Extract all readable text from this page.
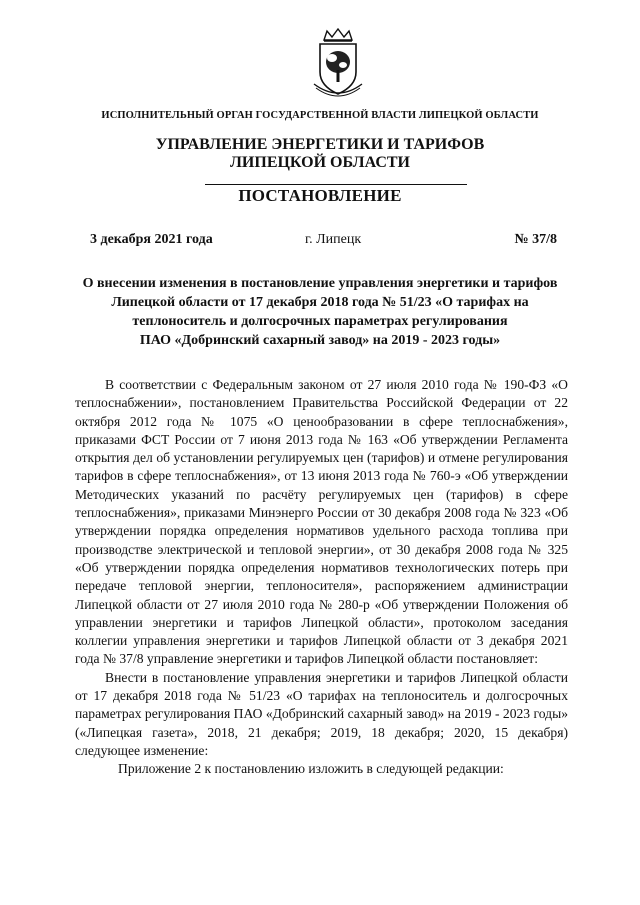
ИСПОЛНИТЕЛЬНЫЙ ОРГАН ГОСУДАРСТВЕННОЙ ВЛАСТИ ЛИПЕЦКОЙ ОБЛАСТИ
УПРАВЛЕНИЕ ЭНЕРГЕТИКИ И ТАРИФОВ
ЛИПЕЦКОЙ ОБЛАСТИ
ПОСТАНОВЛЕНИЕ
3 декабря 2021 года	г. Липецк	№ 37/8
О внесении изменения в постановление управления энергетики и тарифов
Липецкой области от 17 декабря 2018 года № 51/23 «О тарифах на
теплоноситель и долгосрочных параметрах регулирования
ПАО «Добринский сахарный завод» на 2019 - 2023 годы»

В соответствии с Федеральным законом от 27 июля 2010 года № 190-ФЗ «О теплоснабжении», постановлением Правительства Российской Федерации от 22 октября 2012 года № 1075 «О ценообразовании в сфере теплоснабжения», приказами ФСТ России от 7 июня 2013 года № 163 «Об утверждении Регламента открытия дел об установлении регулируемых цен (тарифов) и отмене регулирования тарифов в сфере теплоснабжения», от 13 июня 2013 года № 760-э «Об утверждении Методических указаний по расчёту регулируемых цен (тарифов) в сфере теплоснабжения», приказами Минэнерго России от 30 декабря 2008 года № 323 «Об утверждении порядка определения нормативов удельного расхода топлива при производстве электрической и тепловой энергии», от 30 декабря 2008 года № 325 «Об утверждении порядка определения нормативов технологических потерь при передаче тепловой энергии, теплоносителя», распоряжением администрации Липецкой области от 27 июля 2010 года № 280-р «Об утверждении Положения об управлении энергетики и тарифов Липецкой области», протоколом заседания коллегии управления энергетики и тарифов Липецкой области от 3 декабря 2021 года № 37/8 управление энергетики и тарифов Липецкой области постановляет:

Внести в постановление управления энергетики и тарифов Липецкой области от 17 декабря 2018 года № 51/23 «О тарифах на теплоноситель и долгосрочных параметрах регулирования ПАО «Добринский сахарный завод» на 2019 - 2023 годы» («Липецкая газета», 2018, 21 декабря; 2019, 18 декабря; 2020, 15 декабря) следующее изменение:

Приложение 2 к постановлению изложить в следующей редакции:
